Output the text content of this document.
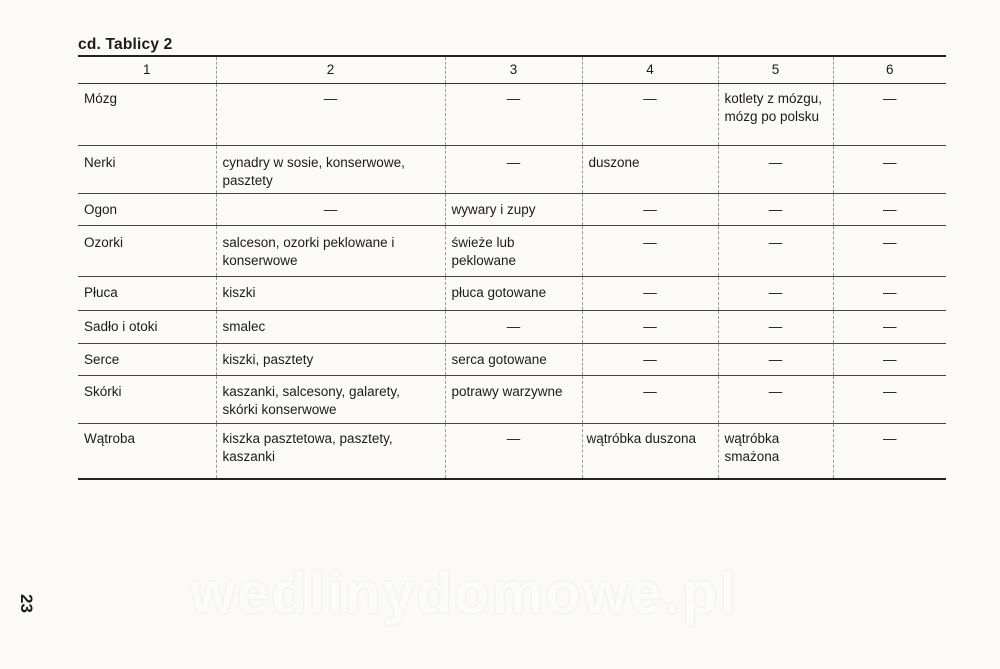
cd. Tablicy 2
1	2	3	4	5	6
Mózg	—	—	—	kotlety z mózgu, mózg po polsku	—
Nerki	cynadry w sosie, konserwowe, pasztety	—	duszone	—	—
Ogon	—	wywary i zupy	—	—	—
Ozorki	salceson, ozorki peklowane i konserwowe	świeże lub peklowane	—	—	—
Płuca	kiszki	płuca gotowane	—	—	—
Sadło i otoki	smalec	—	—	—	—
Serce	kiszki, pasztety	serca gotowane	—	—	—
Skórki	kaszanki, salcesony, galarety, skórki konserwowe	potrawy warzywne	—	—	—
Wątroba	kiszka pasztetowa, pasztety, kaszanki	—	wątróbka duszona	wątróbka smażona	—
wedlinydomowe.pl
23
